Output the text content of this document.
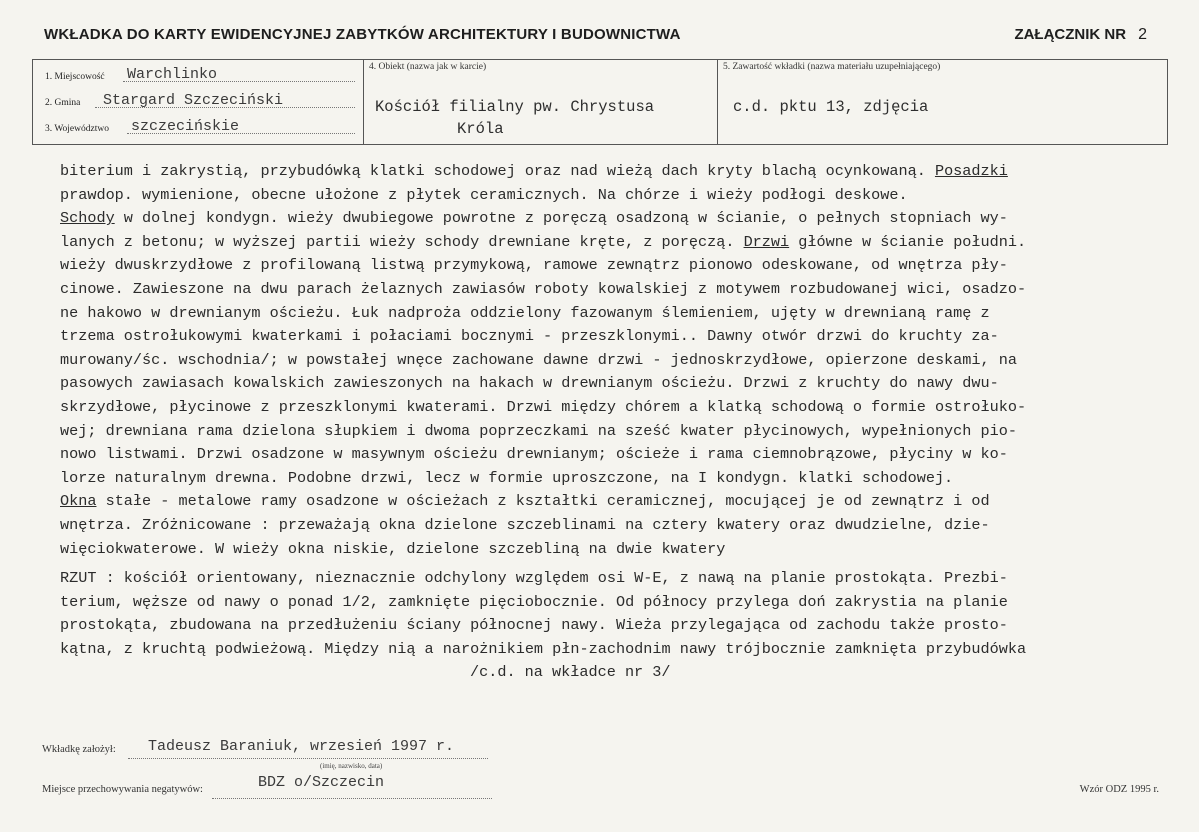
WKŁADKA DO KARTY EWIDENCYJNEJ ZABYTKÓW ARCHITEKTURY I BUDOWNICTWA	ZAŁĄCZNIK NR 2
1. Miejscowość Warchlinko
2. Gmina Stargard Szczeciński
3. Województwo szczecińskie
4. Obiekt (nazwa jak w karcie)
Kościół filialny pw. Chrystusa
Króla
5. Zawartość wkładki (nazwa materiału uzupełniającego)
c.d. pktu 13, zdjęcia
biterium i zakrystią, przybudówką klatki schodowej oraz nad wieżą dach kryty blachą ocynkowaną. Posadzki
prawdop. wymienione, obecne ułożone z płytek ceramicznych. Na chórze i wieży podłogi deskowe.
Schody w dolnej kondygn. wieży dwubiegowe powrotne z poręczą osadzoną w ścianie, o pełnych stopniach wy-
lanych z betonu; w wyższej partii wieży schody drewniane kręte, z poręczą. Drzwi główne w ścianie południ.
wieży dwuskrzydłowe z profilowaną listwą przymykową, ramowe zewnątrz pionowo odeskowane, od wnętrza pły-
cinowe. Zawieszone na dwu parach żelaznych zawiasów roboty kowalskiej z motywem rozbudowanej wici, osadzo-
ne hakowo w drewnianym ościeżu. Łuk nadproża oddzielony fazowanym ślemieniem, ujęty w drewnianą ramę z
trzema ostrołukowymi kwaterkami i połaciami bocznymi - przeszklonymi.. Dawny otwór drzwi do kruchty za-
murowany/śc. wschodnia/; w powstałej wnęce zachowane dawne drzwi - jednoskrzydłowe, opierzone deskami, na
pasowych zawiasach kowalskich zawieszonych na hakach w drewnianym ościeżu. Drzwi z kruchty do nawy dwu-
skrzydłowe, płycinowe z przeszklonymi kwaterami. Drzwi między chórem a klatką schodową o formie ostrołuko-
wej; drewniana rama dzielona słupkiem i dwoma poprzeczkami na sześć kwater płycinowych, wypełnionych pio-
nowo listwami. Drzwi osadzone w masywnym ościeżu drewnianym; ościeże i rama ciemnobrązowe, płyciny w ko-
lorze naturalnym drewna. Podobne drzwi, lecz w formie uproszczone, na I kondygn. klatki schodowej.
Okna stałe - metalowe ramy osadzone w ościeżach z kształtki ceramicznej, mocującej je od zewnątrz i od
wnętrza. Zróżnicowane : przeważają okna dzielone szczeblinami na cztery kwatery oraz dwudzielne, dzie-
więciokwaterowe. W wieży okna niskie, dzielone szczebliną na dwie kwatery
RZUT : kościół orientowany, nieznacznie odchylony względem osi W-E, z nawą na planie prostokąta. Prezbi-
terium, węższe od nawy o ponad 1/2, zamknięte pięciobocznie. Od północy przylega doń zakrystia na planie
prostokąta, zbudowana na przedłużeniu ściany północnej nawy. Wieża przylegająca od zachodu także prosto-
kątna, z kruchtą podwieżową. Między nią a narożnikiem płn-zachodnim nawy trójbocznie zamknięta przybudówka
/c.d. na wkładce nr 3/
Wkładkę założył: Tadeusz Baraniuk, wrzesień 1997 r.
(imię, nazwisko, data)
Miejsce przechowywania negatywów:	BDZ o/Szczecin	Wzór ODZ 1995 r.
